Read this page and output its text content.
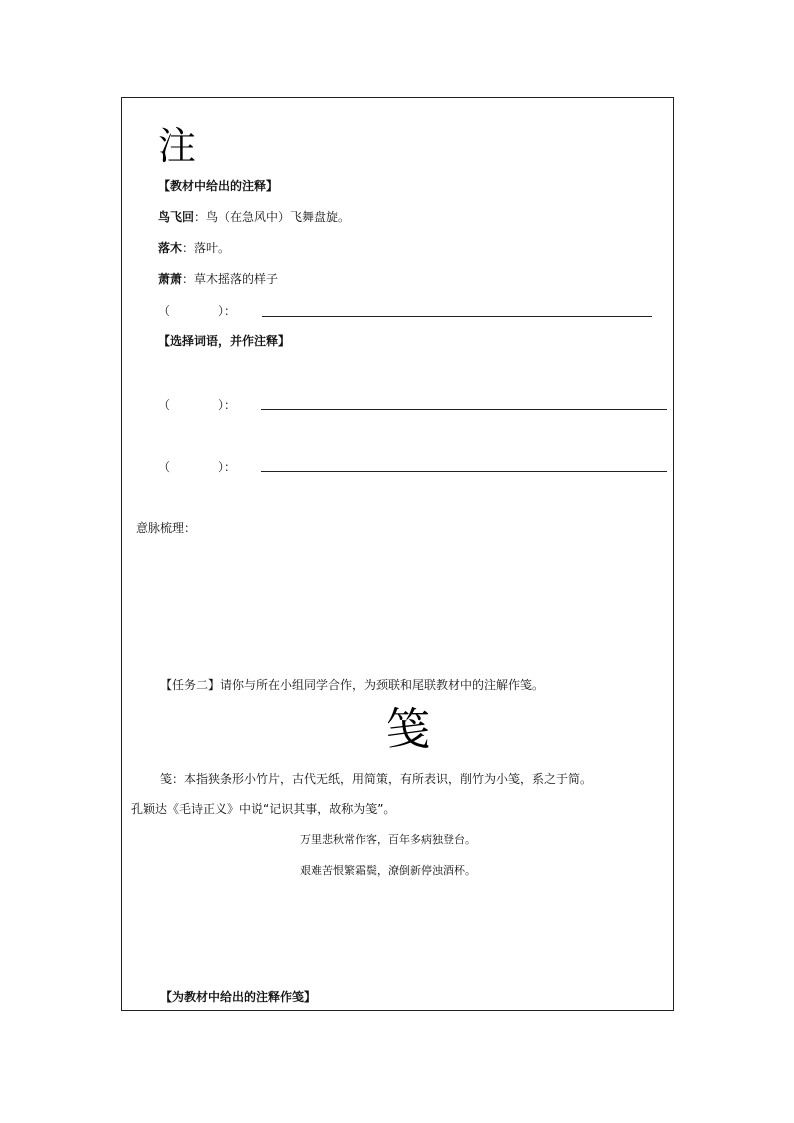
注
【教材中给出的注释】
鸟飞回：鸟（在急风中）飞舞盘旋。
落木：落叶。
萧萧：草木摇落的样子
（　　　　）：
【选择词语，并作注释】
（　　　　）：
（　　　　）：
意脉梳理：
【任务二】请你与所在小组同学合作，为颈联和尾联教材中的注解作笺。
笺
笺：本指狭条形小竹片，古代无纸，用简策，有所表识，削竹为小笺，系之于简。
孔颖达《毛诗正义》中说“记识其事，故称为笺”。
万里悲秋常作客，百年多病独登台。
艰难苦恨繁霜鬓，潦倒新停浊酒杯。
【为教材中给出的注释作笺】
